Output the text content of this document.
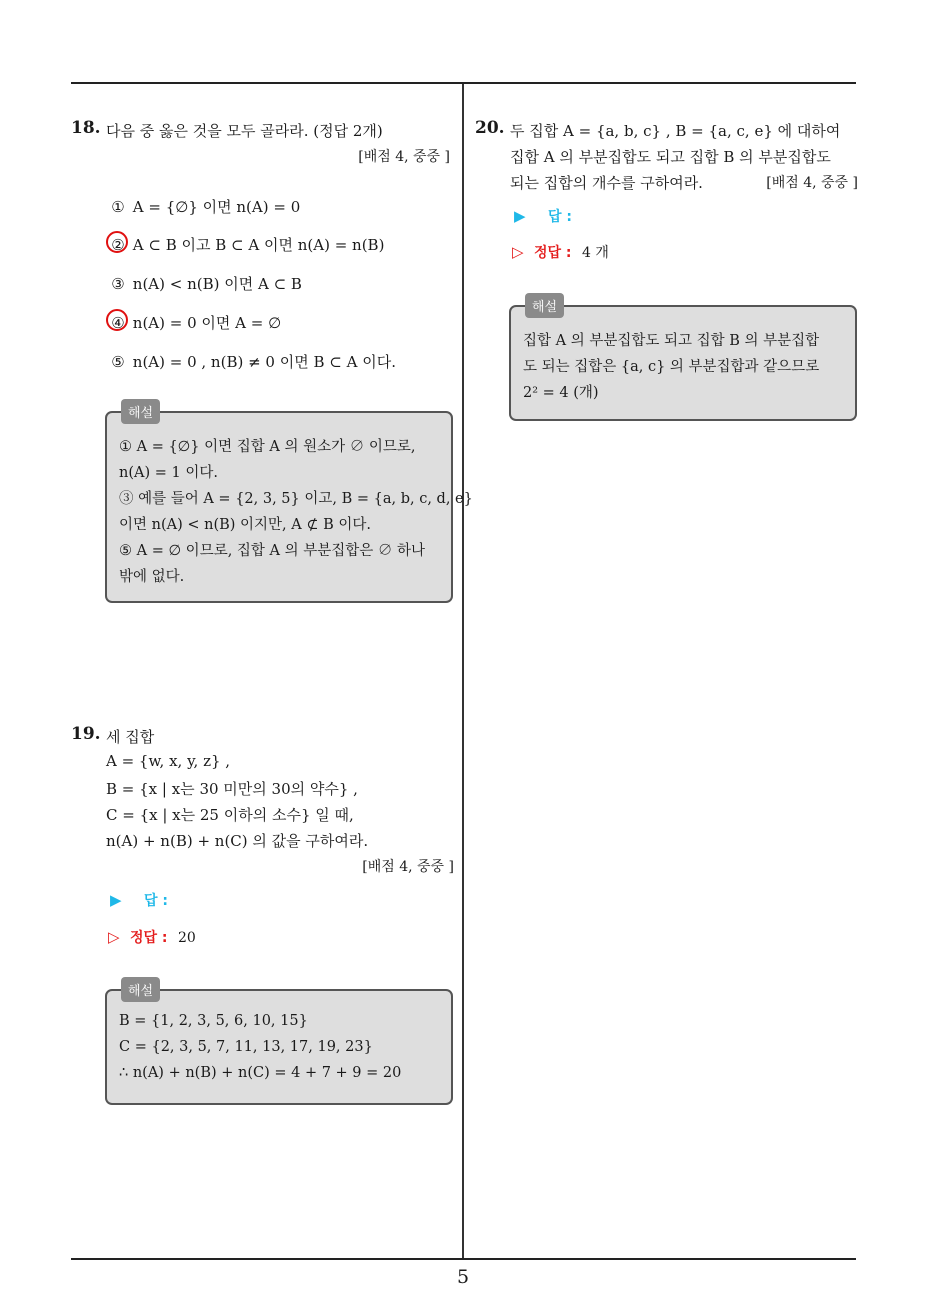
5
18. 다음 중 옳은 것을 모두 골라라. (정답 2개)
[배점 4, 중중 ]
① A = {∅} 이면 n(A) = 0
② A ⊂ B 이고 B ⊂ A 이면 n(A) = n(B)
③ n(A) < n(B) 이면 A ⊂ B
④ n(A) = 0 이면 A = ∅
⑤ n(A) = 0 , n(B) ≠ 0 이면 B ⊂ A 이다.
해설
① A = {∅} 이면 집합 A 의 원소가 ∅ 이므로,
n(A) = 1 이다.
③ 예를 들어 A = {2, 3, 5} 이고, B = {a, b, c, d, e}
이면 n(A) < n(B) 이지만, A ⊄ B 이다.
⑤ A = ∅ 이므로, 집합 A 의 부분집합은 ∅ 하나
밖에 없다.
19. 세 집합
A = {w, x, y, z} ,
B = {x | x는 30 미만의 30의 약수} ,
C = {x | x는 25 이하의 소수} 일 때,
n(A) + n(B) + n(C) 의 값을 구하여라.
[배점 4, 중중 ]
▶ 답 :
▷ 정답 : 20
해설
B = {1, 2, 3, 5, 6, 10, 15}
C = {2, 3, 5, 7, 11, 13, 17, 19, 23}
∴ n(A) + n(B) + n(C) = 4 + 7 + 9 = 20
20. 두 집합 A = {a, b, c} , B = {a, c, e} 에 대하여
집합 A 의 부분집합도 되고 집합 B 의 부분집합도
되는 집합의 개수를 구하여라.	[배점 4, 중중 ]
▶ 답 :
▷ 정답 : 4 개
해설
집합 A 의 부분집합도 되고 집합 B 의 부분집합
도 되는 집합은 {a, c} 의 부분집합과 같으므로
2² = 4 (개)
